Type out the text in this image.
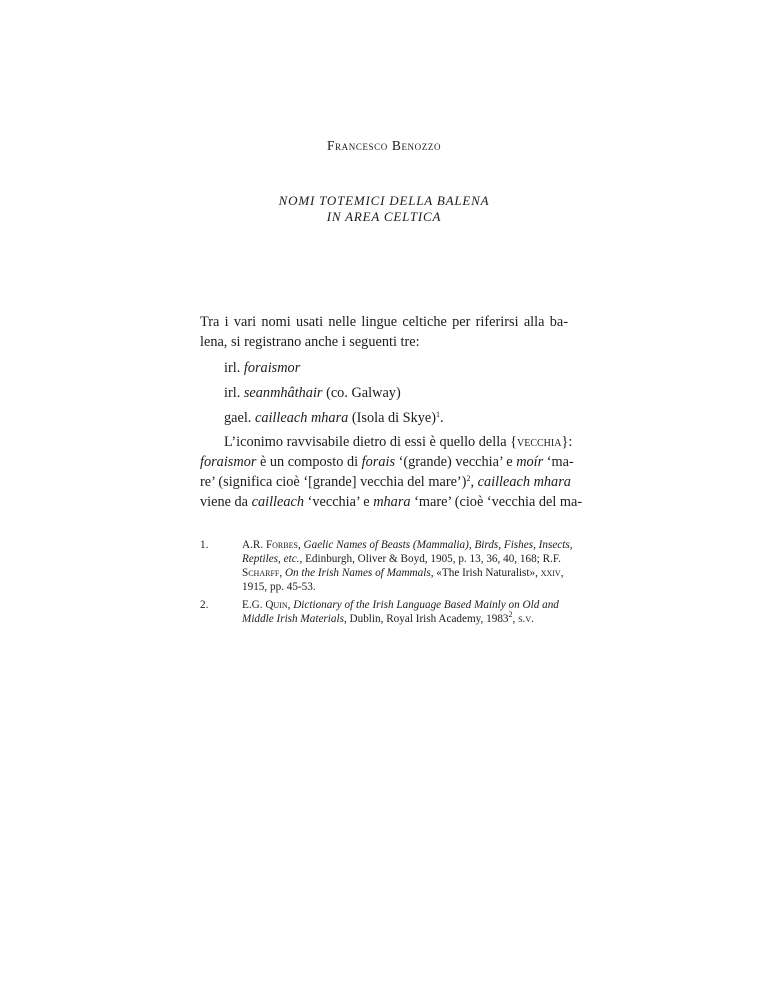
Francesco Benozzo
NOMI TOTEMICI DELLA BALENA
IN AREA CELTICA
Tra i vari nomi usati nelle lingue celtiche per riferirsi alla ba-
lena, si registrano anche i seguenti tre:
irl. foraismor
irl. seanmhâthair (co. Galway)
gael. cailleach mhara (Isola di Skye)$^1$.
L’iconimo ravvisabile dietro di essi è quello della {vecchia}:
foraismor è un composto di forais ‘(grande) vecchia’ e moír ‘ma-
re’ (significa cioè ‘[grande] vecchia del mare’)$^2$, cailleach mhara
viene da cailleach ‘vecchia’ e mhara ‘mare’ (cioè ‘vecchia del ma-
1.	A.R. Forbes, Gaelic Names of Beasts (Mammalia), Birds, Fishes, Insects,
Reptiles, etc., Edinburgh, Oliver & Boyd, 1905, p. 13, 36, 40, 168; R.F.
Scharff, On the Irish Names of Mammals, «The Irish Naturalist», xxiv,
1915, pp. 45-53.
2.	E.G. Quin, Dictionary of the Irish Language Based Mainly on Old and
Middle Irish Materials, Dublin, Royal Irish Academy, 1983$^2$, s.v.
